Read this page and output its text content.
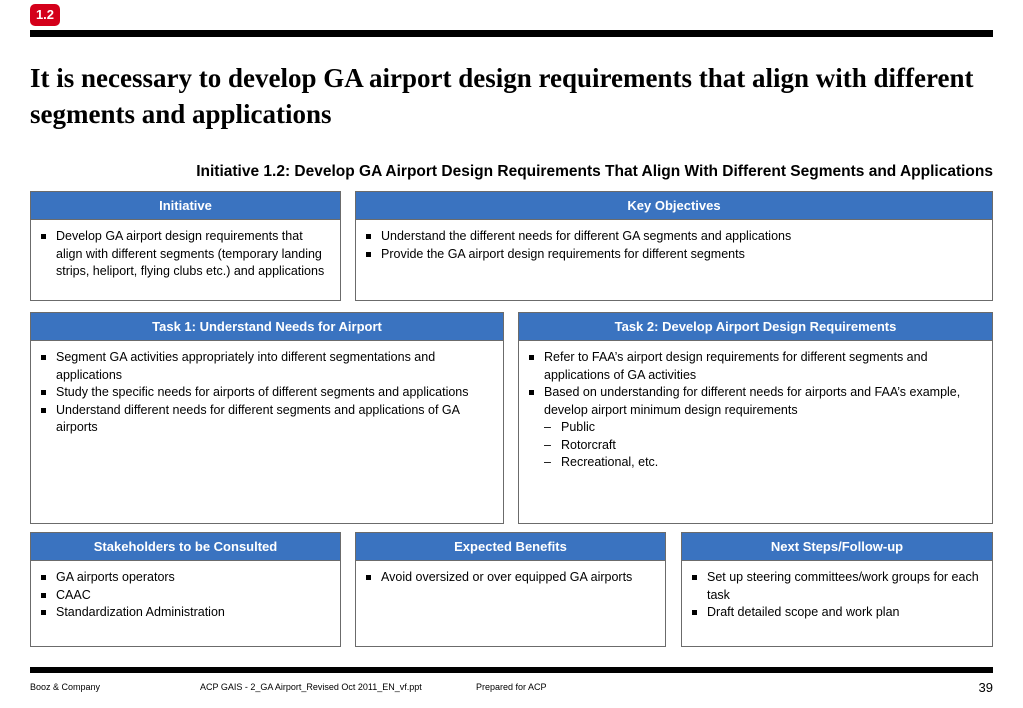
1.2
It is necessary to develop GA airport design requirements that align with different segments and applications
Initiative 1.2: Develop GA Airport Design Requirements That Align With Different Segments and Applications
Initiative
Develop GA airport design requirements that align with different segments (temporary landing strips, heliport, flying clubs etc.) and applications
Key Objectives
Understand the different needs for different GA segments and applications
Provide the GA airport design requirements for different segments
Task 1: Understand Needs for Airport
Segment GA activities appropriately into different segmentations and applications
Study the specific needs for airports of different segments and applications
Understand different needs for different segments and applications of GA airports
Task 2: Develop Airport Design Requirements
Refer to FAA’s airport design requirements for different segments and applications of GA activities
Based on understanding for different needs for airports and FAA’s example, develop airport minimum design requirements
– Public
– Rotorcraft
– Recreational, etc.
Stakeholders to be Consulted
GA airports operators
CAAC
Standardization Administration
Expected Benefits
Avoid oversized or over equipped GA airports
Next Steps/Follow-up
Set up steering committees/work groups for each task
Draft detailed scope and work plan
Booz & Company	ACP GAIS - 2_GA Airport_Revised Oct 2011_EN_vf.ppt	Prepared for ACP	39
